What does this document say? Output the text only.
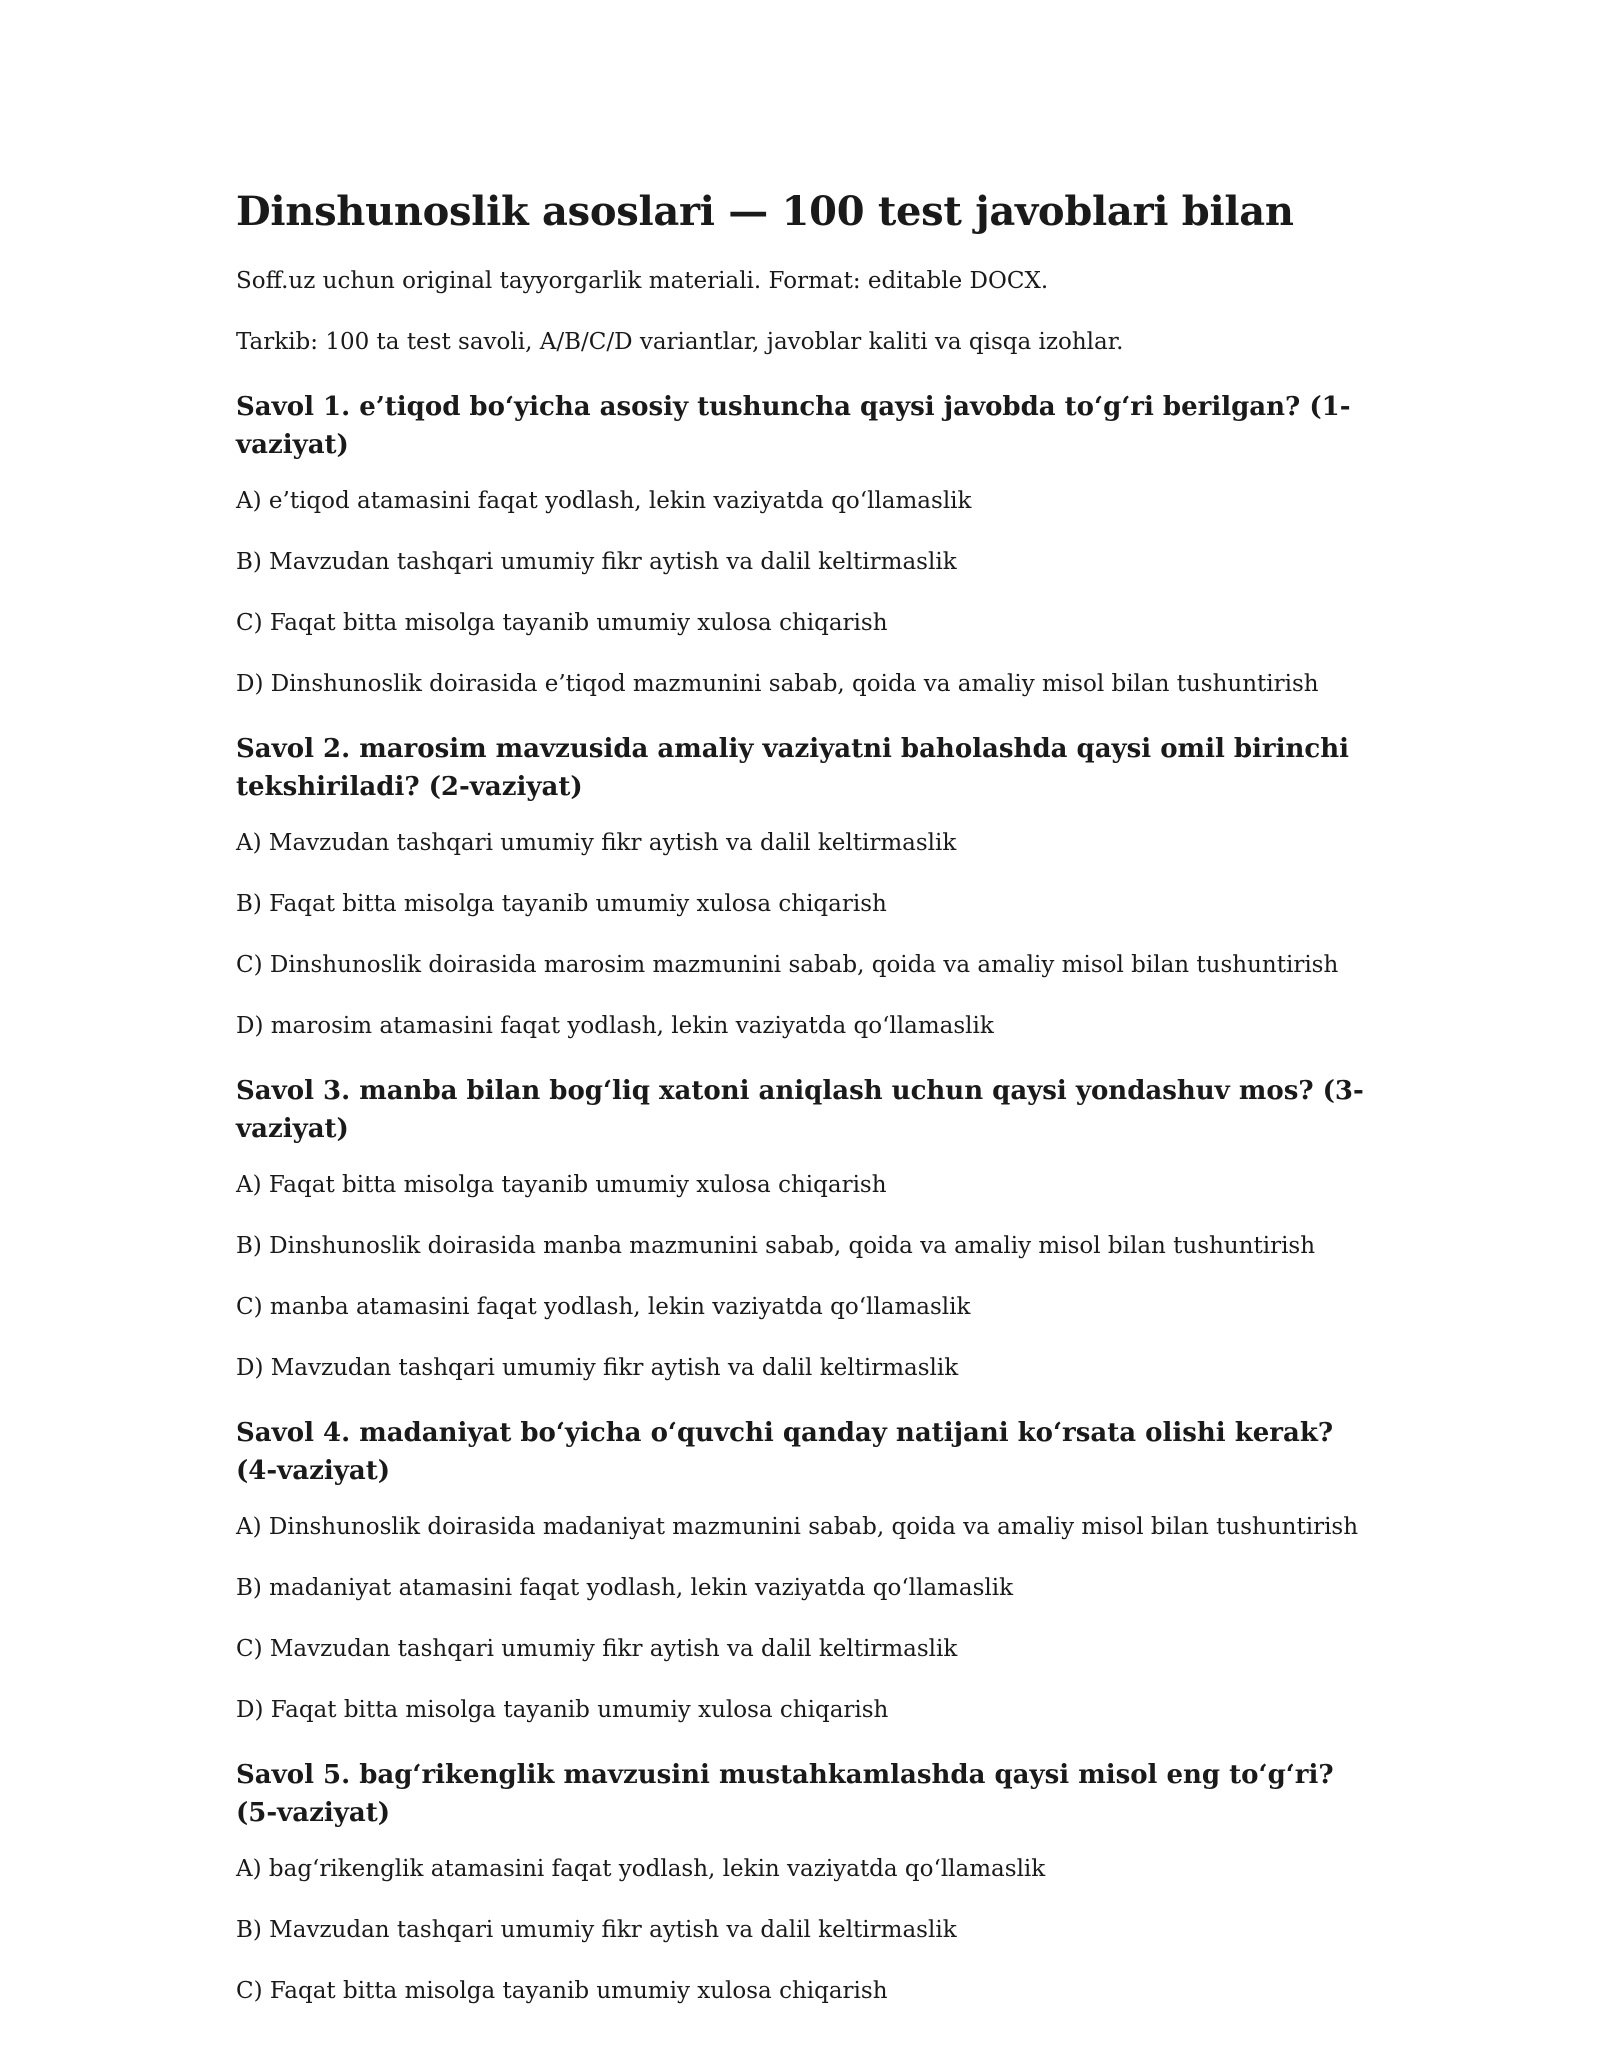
Dinshunoslik asoslari — 100 test javoblari bilan

Soff.uz uchun original tayyorgarlik materiali. Format: editable DOCX.

Tarkib: 100 ta test savoli, A/B/C/D variantlar, javoblar kaliti va qisqa izohlar.

Savol 1. e’tiqod bo‘yicha asosiy tushuncha qaysi javobda to‘g‘ri berilgan? (1-vaziyat)

A) e’tiqod atamasini faqat yodlash, lekin vaziyatda qo‘llamaslik

B) Mavzudan tashqari umumiy fikr aytish va dalil keltirmaslik

C) Faqat bitta misolga tayanib umumiy xulosa chiqarish

D) Dinshunoslik doirasida e’tiqod mazmunini sabab, qoida va amaliy misol bilan tushuntirish

Savol 2. marosim mavzusida amaliy vaziyatni baholashda qaysi omil birinchi tekshiriladi? (2-vaziyat)

A) Mavzudan tashqari umumiy fikr aytish va dalil keltirmaslik

B) Faqat bitta misolga tayanib umumiy xulosa chiqarish

C) Dinshunoslik doirasida marosim mazmunini sabab, qoida va amaliy misol bilan tushuntirish

D) marosim atamasini faqat yodlash, lekin vaziyatda qo‘llamaslik

Savol 3. manba bilan bog‘liq xatoni aniqlash uchun qaysi yondashuv mos? (3-vaziyat)

A) Faqat bitta misolga tayanib umumiy xulosa chiqarish

B) Dinshunoslik doirasida manba mazmunini sabab, qoida va amaliy misol bilan tushuntirish

C) manba atamasini faqat yodlash, lekin vaziyatda qo‘llamaslik

D) Mavzudan tashqari umumiy fikr aytish va dalil keltirmaslik

Savol 4. madaniyat bo‘yicha o‘quvchi qanday natijani ko‘rsata olishi kerak? (4-vaziyat)

A) Dinshunoslik doirasida madaniyat mazmunini sabab, qoida va amaliy misol bilan tushuntirish

B) madaniyat atamasini faqat yodlash, lekin vaziyatda qo‘llamaslik

C) Mavzudan tashqari umumiy fikr aytish va dalil keltirmaslik

D) Faqat bitta misolga tayanib umumiy xulosa chiqarish

Savol 5. bag‘rikenglik mavzusini mustahkamlashda qaysi misol eng to‘g‘ri? (5-vaziyat)

A) bag‘rikenglik atamasini faqat yodlash, lekin vaziyatda qo‘llamaslik

B) Mavzudan tashqari umumiy fikr aytish va dalil keltirmaslik

C) Faqat bitta misolga tayanib umumiy xulosa chiqarish
